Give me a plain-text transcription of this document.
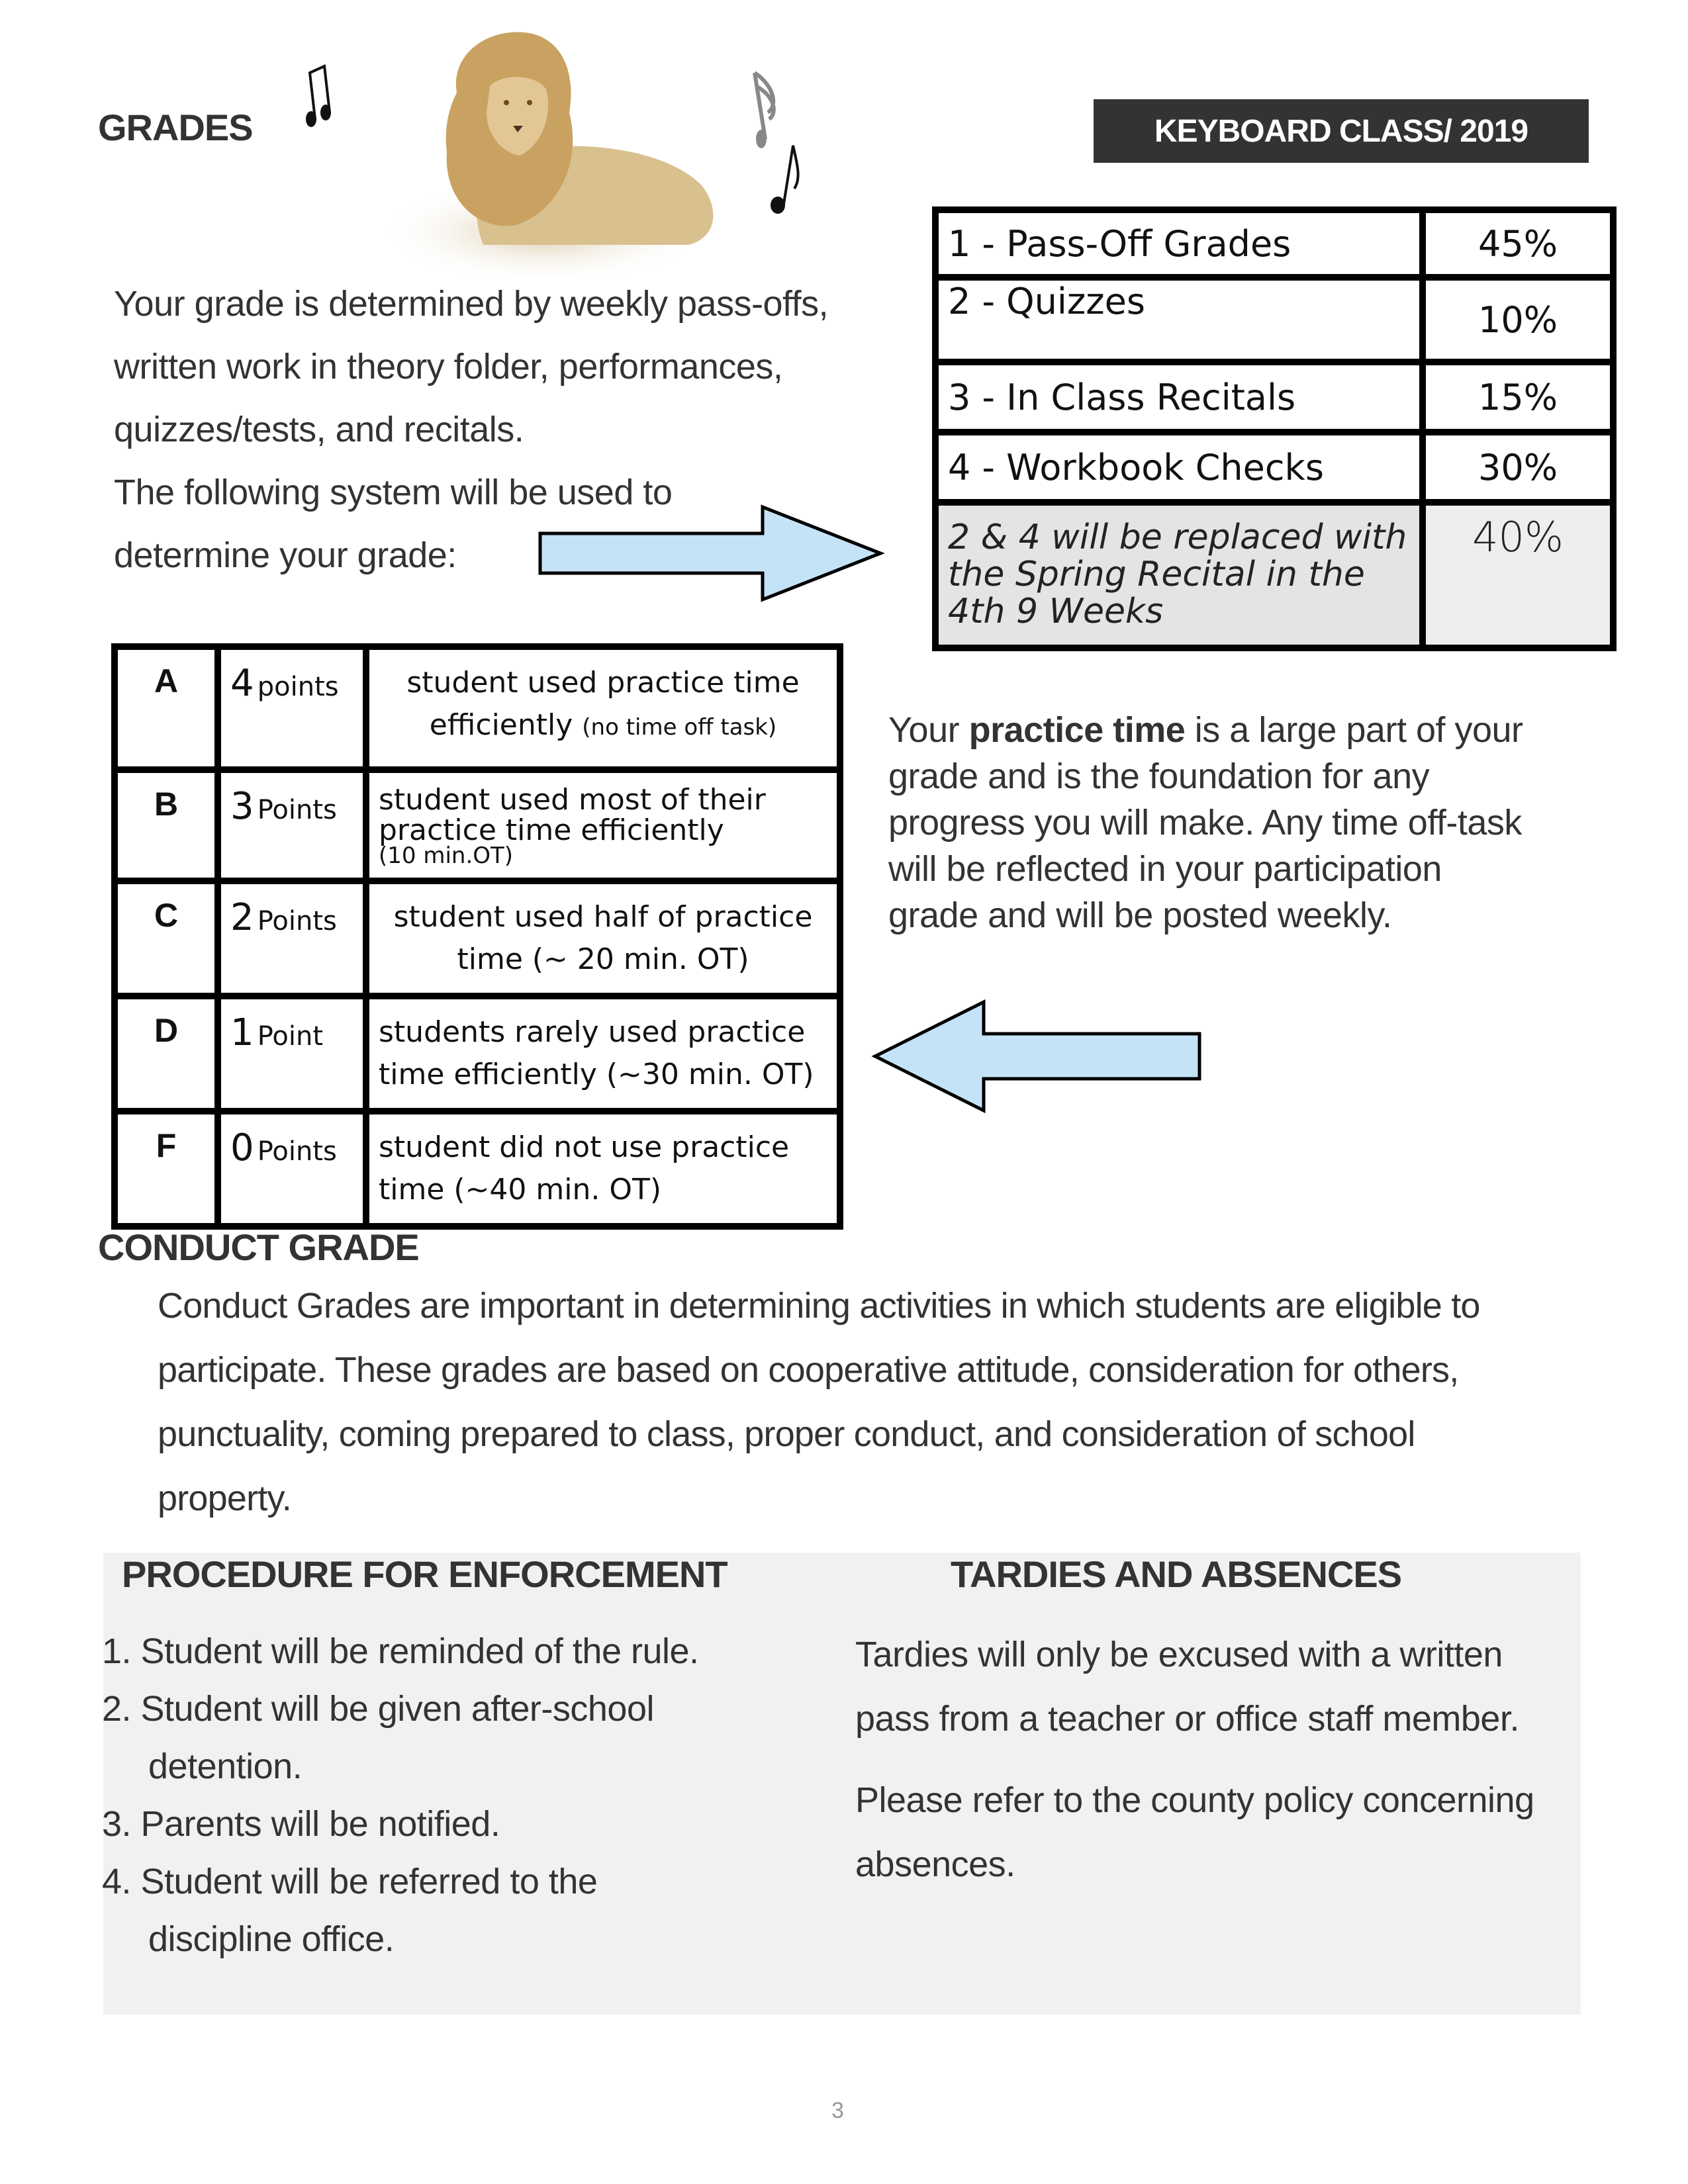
GRADES	KEYBOARD CLASS/ 2019

Your grade is determined by weekly pass-offs,

written work in theory folder, performances,

quizzes/tests, and recitals.

The following system will be used to

determine your grade:

1 - Pass-Off Grades	45%
2 - Quizzes	10%
3 - In Class Recitals	15%
4 - Workbook Checks	30%
2 & 4 will be replaced with the Spring Recital in the 4th 9 Weeks	40%
A	4 points	student used practice time efficiently (no time off task)
B	3 Points	student used most of their practice time efficiently
(10 min.OT)

C	2 Points	student used half of practice time (~ 20 min. OT)
D	1 Point	students rarely used practice time efficiently (~30 min. OT)
F	0 Points	student did not use practice time (~40 min. OT)
Your practice time is a large part of your grade and is the foundation for any progress you will make. Any time off-task will be reflected in your participation grade and will be posted weekly.
CONDUCT GRADE
Conduct Grades are important in determining activities in which students are eligible to participate. These grades are based on cooperative attitude, consideration for others, punctuality, coming prepared to class, proper conduct, and consideration of school property.
PROCEDURE FOR ENFORCEMENT	TARDIES AND ABSENCES
1. Student will be reminded of the rule.
2. Student will be given after-school
detention.
3. Parents will be notified.
4. Student will be referred to the
discipline office.

Tardies will only be excused with a written pass from a teacher or office staff member.

Please refer to the county policy concerning absences.

3
